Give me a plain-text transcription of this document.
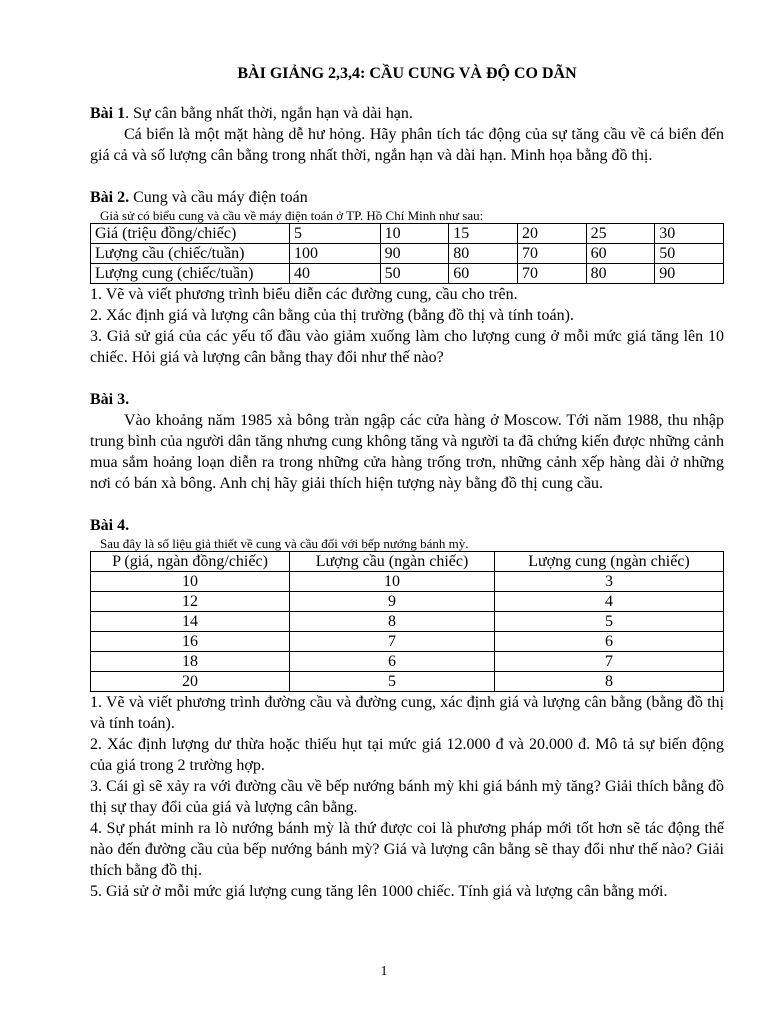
BÀI GIẢNG 2,3,4: CẦU CUNG VÀ ĐỘ CO DÃN

Bài 1. Sự cân bằng nhất thời, ngắn hạn và dài hạn.

Cá biển là một mặt hàng dễ hư hỏng. Hãy phân tích tác động của sự tăng cầu về cá biển đến giá cả và số lượng cân bằng trong nhất thời, ngắn hạn và dài hạn. Minh họa bằng đồ thị.

Bài 2. Cung và cầu máy điện toán

Giả sử có biểu cung và cầu về máy điện toán ở TP. Hồ Chí Minh như sau:

Giá (triệu đồng/chiếc)	5	10	15	20	25	30
Lượng cầu (chiếc/tuần)	100	90	80	70	60	50
Lượng cung (chiếc/tuần)	40	50	60	70	80	90

1. Vẽ và viết phương trình biểu diễn các đường cung, cầu cho trên.

2. Xác định giá và lượng cân bằng của thị trường (bằng đồ thị và tính toán).

3. Giả sử giá của các yếu tố đầu vào giảm xuống làm cho lượng cung ở mỗi mức giá tăng lên 10 chiếc. Hỏi giá và lượng cân bằng thay đổi như thế nào?

Bài 3.

Vào khoảng năm 1985 xà bông tràn ngập các cửa hàng ở Moscow. Tới năm 1988, thu nhập trung bình của người dân tăng nhưng cung không tăng và người ta đã chứng kiến được những cảnh mua sắm hoảng loạn diễn ra trong những cửa hàng trống trơn, những cảnh xếp hàng dài ở những nơi có bán xà bông. Anh chị hãy giải thích hiện tượng này bằng đồ thị cung cầu.

Bài 4.

Sau đây là số liệu giả thiết về cung và cầu đối với bếp nướng bánh mỳ.

P (giá, ngàn đồng/chiếc)	Lượng cầu (ngàn chiếc)	Lượng cung (ngàn chiếc)
10	10	3
12	9	4
14	8	5
16	7	6
18	6	7
20	5	8

1. Vẽ và viết phương trình đường cầu và đường cung, xác định giá và lượng cân bằng (bằng đồ thị và tính toán).

2. Xác định lượng dư thừa hoặc thiếu hụt tại mức giá 12.000 đ và 20.000 đ. Mô tả sự biến động của giá trong 2 trường hợp.

3. Cái gì sẽ xảy ra với đường cầu về bếp nướng bánh mỳ khi giá bánh mỳ tăng? Giải thích bằng đồ thị sự thay đổi của giá và lượng cân bằng.

4. Sự phát minh ra lò nướng bánh mỳ là thứ được coi là phương pháp mới tốt hơn sẽ tác động thế nào đến đường cầu của bếp nướng bánh mỳ? Giá và lượng cân bằng sẽ thay đổi như thế nào? Giải thích bằng đồ thị.

5. Giả sử ở mỗi mức giá lượng cung tăng lên 1000 chiếc. Tính giá và lượng cân bằng mới.

1
